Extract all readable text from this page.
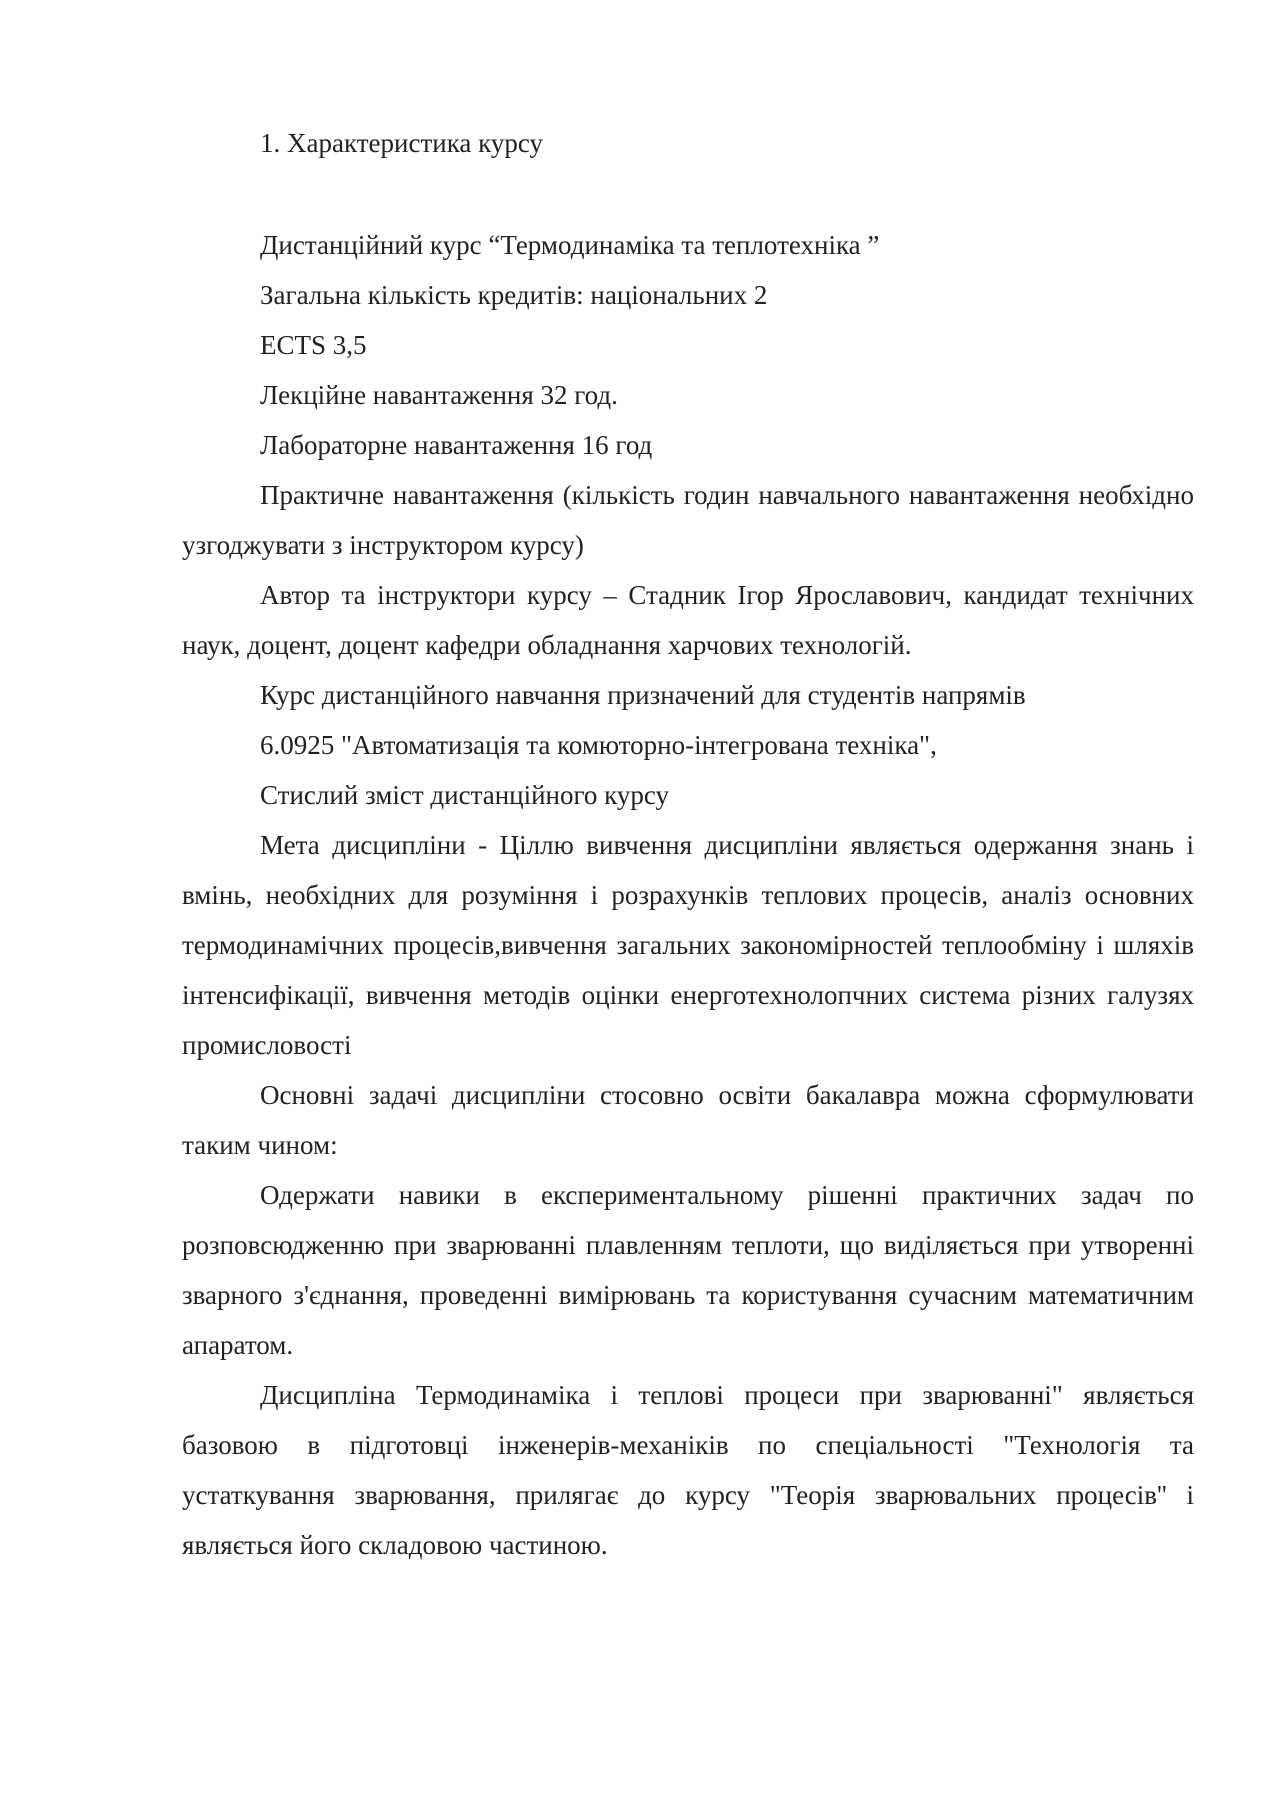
1. Характеристика курсу

Дистанційний курс “Термодинаміка та теплотехніка ”

Загальна кількість кредитів: національних 2

ECTS 3,5

Лекційне навантаження 32 год.

Лабораторне навантаження 16 год

Практичне навантаження (кількість годин навчального навантаження необхідно узгоджувати з інструктором курсу)

Автор та інструктори курсу – Стадник Ігор Ярославович, кандидат технічних наук, доцент, доцент кафедри обладнання харчових технологій.

Курс дистанційного навчання призначений для студентів напрямів

6.0925 "Автоматизація та комюторно-інтегрована техніка",

Стислий зміст дистанційного курсу

Мета дисципліни - Ціллю вивчення дисципліни являється одержання знань і вмінь, необхідних для розуміння і розрахунків теплових процесів, аналіз основних термодинамічних процесів,вивчення загальних закономірностей теплообміну і шляхів інтенсифікації, вивчення методів оцінки енерготехнолопчних система різних галузях промисловості

Основні задачі дисципліни стосовно освіти бакалавра можна сформулювати таким чином:

Одержати навики в експериментальному рішенні практичних задач по розповсюдженню при зварюванні плавленням теплоти, що виділяється при утворенні зварного з'єднання, проведенні вимірювань та користування сучасним математичним апаратом.

Дисципліна Термодинаміка і теплові процеси при зварюванні" являється базовою в підготовці інженерів-механіків по спеціальності "Технологія та устаткування зварювання, прилягає до курсу "Теорія зварювальних процесів'' і являється його складовою частиною.
